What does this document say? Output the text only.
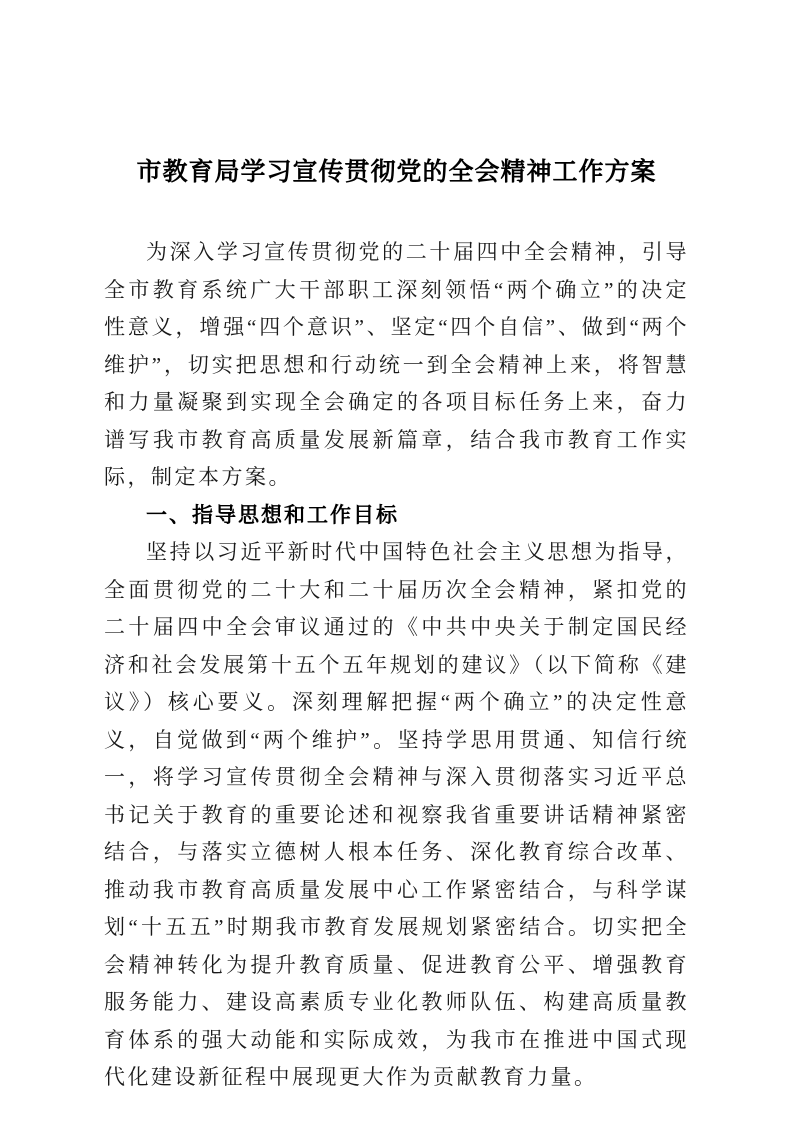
市教育局学习宣传贯彻党的全会精神工作方案

为深入学习宣传贯彻党的二十届四中全会精神，引导全市教育系统广大干部职工深刻领悟“两个确立”的决定性意义，增强“四个意识”、坚定“四个自信”、做到“两个维护”，切实把思想和行动统一到全会精神上来，将智慧和力量凝聚到实现全会确定的各项目标任务上来，奋力谱写我市教育高质量发展新篇章，结合我市教育工作实际，制定本方案。

一、指导思想和工作目标

坚持以习近平新时代中国特色社会主义思想为指导，全面贯彻党的二十大和二十届历次全会精神，紧扣党的二十届四中全会审议通过的《中共中央关于制定国民经济和社会发展第十五个五年规划的建议》（以下简称《建议》）核心要义。深刻理解把握“两个确立”的决定性意义，自觉做到“两个维护”。坚持学思用贯通、知信行统一，将学习宣传贯彻全会精神与深入贯彻落实习近平总书记关于教育的重要论述和视察我省重要讲话精神紧密结合，与落实立德树人根本任务、深化教育综合改革、推动我市教育高质量发展中心工作紧密结合，与科学谋划“十五五”时期我市教育发展规划紧密结合。切实把全会精神转化为提升教育质量、促进教育公平、增强教育服务能力、建设高素质专业化教师队伍、构建高质量教育体系的强大动能和实际成效，为我市在推进中国式现代化建设新征程中展现更大作为贡献教育力量。
